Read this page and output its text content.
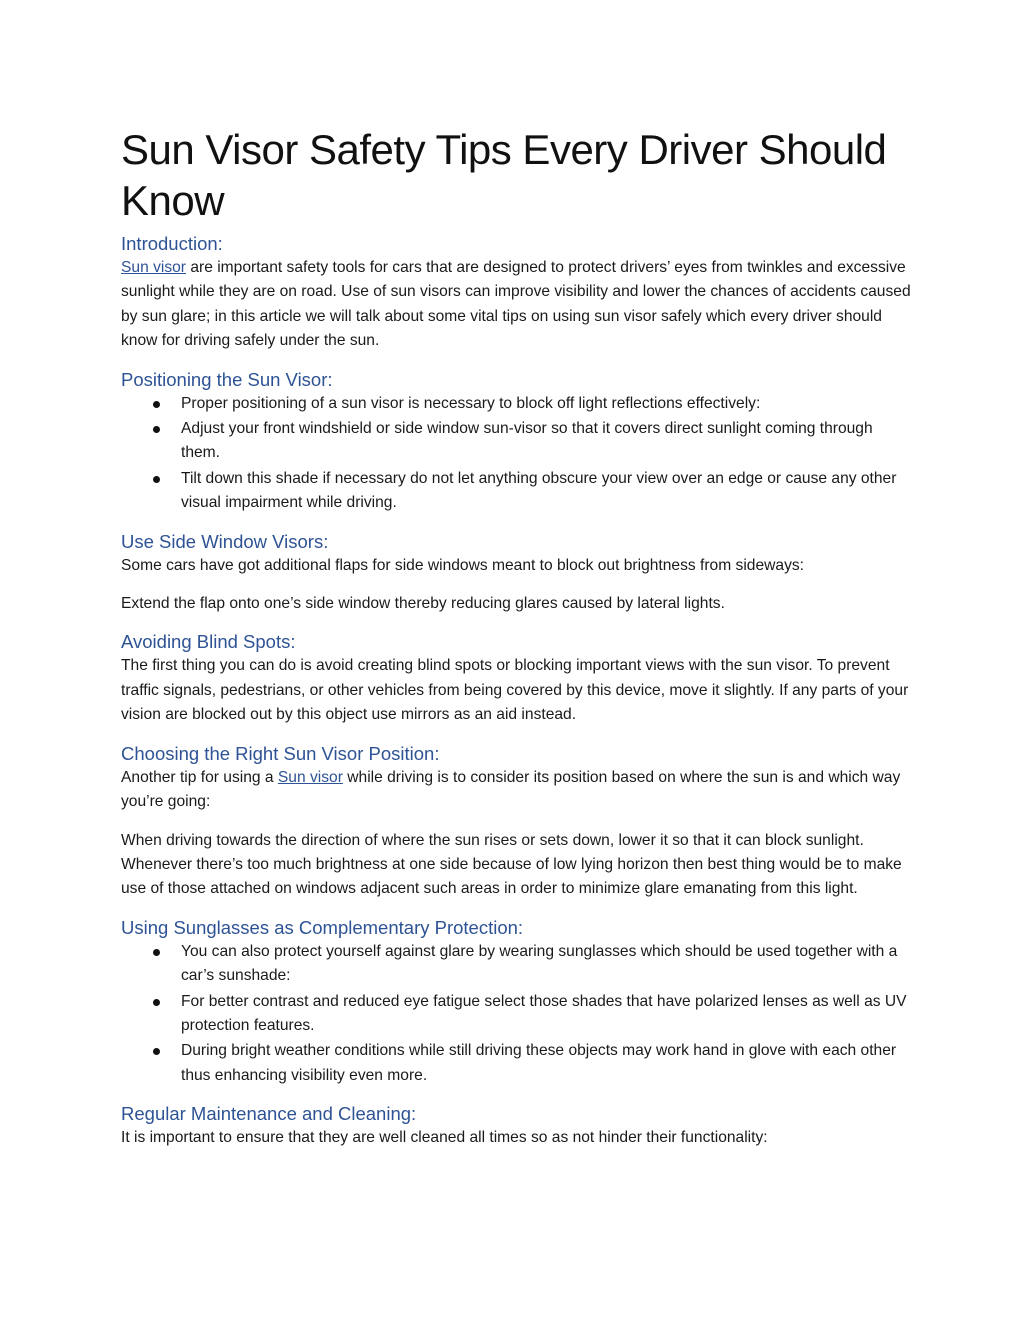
Sun Visor Safety Tips Every Driver Should Know
Introduction:

Sun visor are important safety tools for cars that are designed to protect drivers’ eyes from twinkles and excessive sunlight while they are on road. Use of sun visors can improve visibility and lower the chances of accidents caused by sun glare; in this article we will talk about some vital tips on using sun visor safely which every driver should know for driving safely under the sun.

Positioning the Sun Visor:
Proper positioning of a sun visor is necessary to block off light reflections effectively:
Adjust your front windshield or side window sun-visor so that it covers direct sunlight coming through them.
Tilt down this shade if necessary do not let anything obscure your view over an edge or cause any other visual impairment while driving.
Use Side Window Visors:

Some cars have got additional flaps for side windows meant to block out brightness from sideways:

Extend the flap onto one’s side window thereby reducing glares caused by lateral lights.

Avoiding Blind Spots:

The first thing you can do is avoid creating blind spots or blocking important views with the sun visor. To prevent traffic signals, pedestrians, or other vehicles from being covered by this device, move it slightly. If any parts of your vision are blocked out by this object use mirrors as an aid instead.

Choosing the Right Sun Visor Position:

Another tip for using a Sun visor while driving is to consider its position based on where the sun is and which way you’re going:

When driving towards the direction of where the sun rises or sets down, lower it so that it can block sunlight. Whenever there’s too much brightness at one side because of low lying horizon then best thing would be to make use of those attached on windows adjacent such areas in order to minimize glare emanating from this light.

Using Sunglasses as Complementary Protection:
You can also protect yourself against glare by wearing sunglasses which should be used together with a car’s sunshade:
For better contrast and reduced eye fatigue select those shades that have polarized lenses as well as UV protection features.
During bright weather conditions while still driving these objects may work hand in glove with each other thus enhancing visibility even more.
Regular Maintenance and Cleaning:

It is important to ensure that they are well cleaned all times so as not hinder their functionality:
